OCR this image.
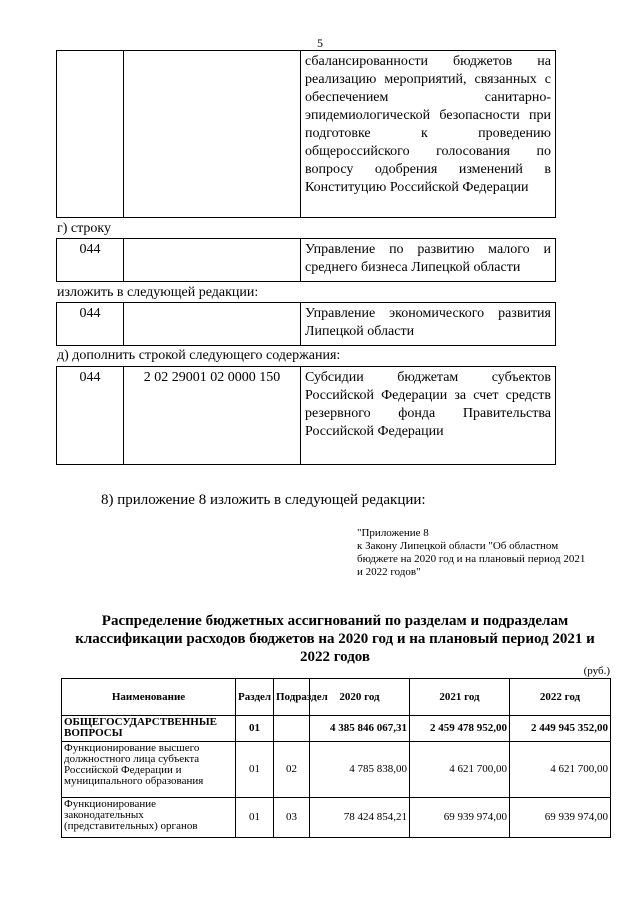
5
		сбалансированности бюджетов на реализацию мероприятий, связанных с обеспечением санитарно-эпидемиологической безопасности при подготовке к проведению общероссийского голосования по вопросу одобрения изменений в Конституцию Российской Федерации
г) строку
044		Управление по развитию малого и среднего бизнеса Липецкой области
изложить в следующей редакции:
044		Управление экономического развития Липецкой области
д) дополнить строкой следующего содержания:
044	2 02 29001 02 0000 150	Субсидии бюджетам субъектов Российской Федерации за счет средств резервного фонда Правительства Российской Федерации
8) приложение 8 изложить в следующей редакции:
"Приложение 8
к Закону Липецкой области "Об областном бюджете на 2020 год и на плановый период 2021 и 2022 годов"
Распределение бюджетных ассигнований по разделам и подразделам классификации расходов бюджетов на 2020 год и на плановый период 2021 и 2022 годов
(руб.)
Наименование	Раздел	Подраздел	2020 год	2021 год	2022 год
ОБЩЕГОСУДАРСТВЕННЫЕ ВОПРОСЫ	01		4 385 846 067,31	2 459 478 952,00	2 449 945 352,00
Функционирование высшего должностного лица субъекта Российской Федерации и муниципального образования	01	02	4 785 838,00	4 621 700,00	4 621 700,00
Функционирование законодательных (представительных) органов	01	03	78 424 854,21	69 939 974,00	69 939 974,00
